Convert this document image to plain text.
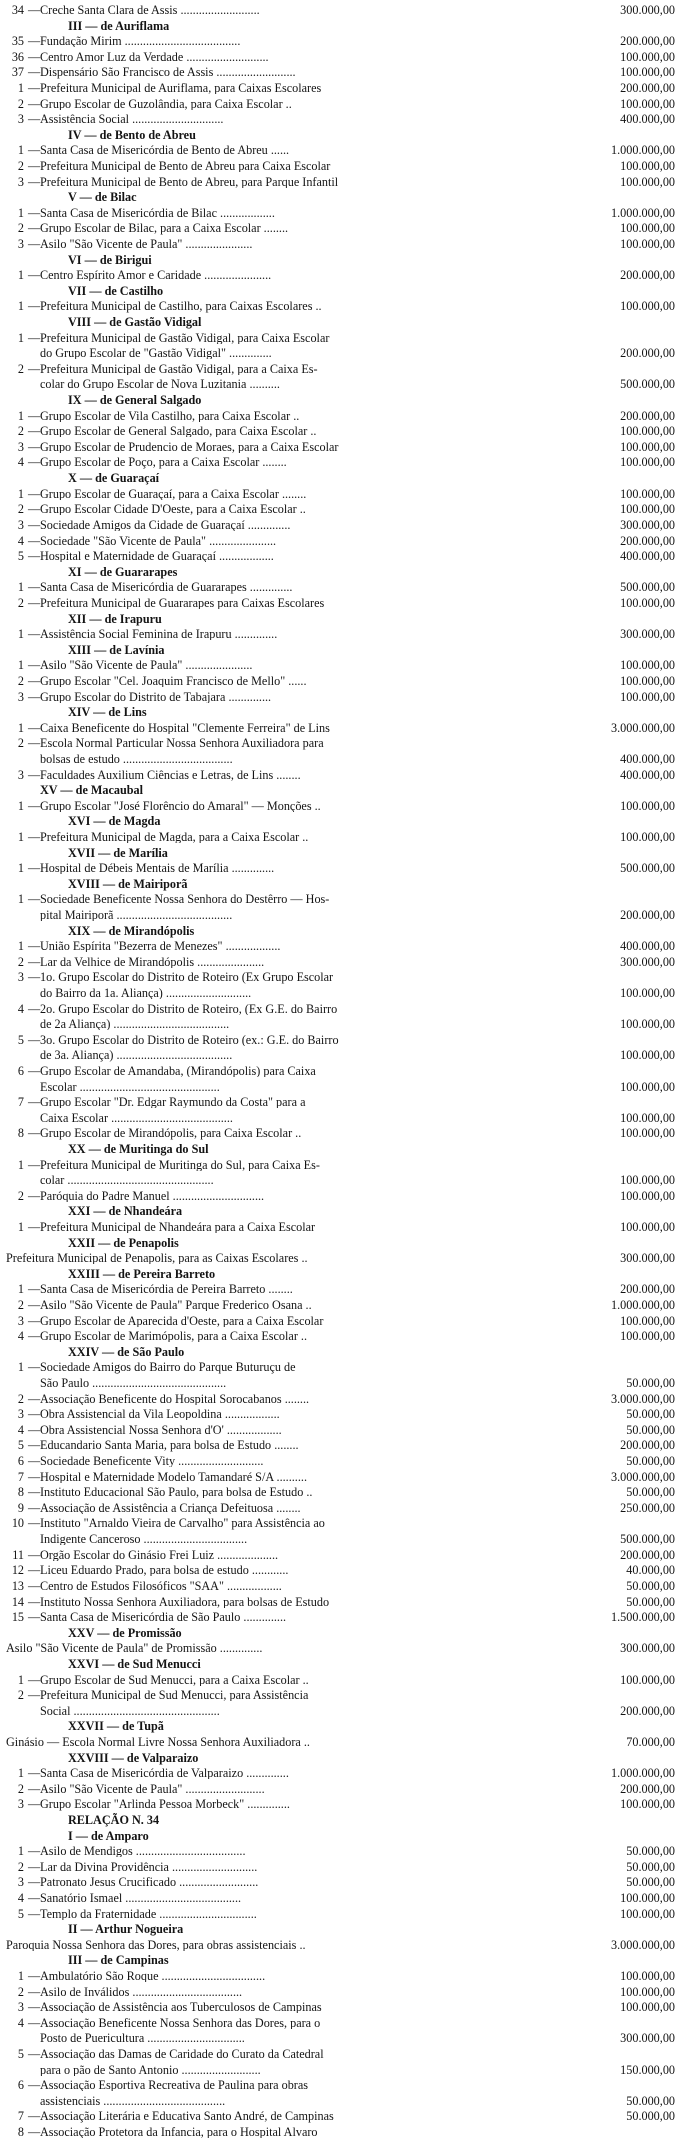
34 — Creche Santa Clara de Assis ..........................	300.000,00
III — de Auriflama
35 — Fundação Mirim ......................................	200.000,00
36 — Centro Amor Luz da Verdade ...........................	100.000,00
37 — Dispensário São Francisco de Assis ..........................	100.000,00
1 — Prefeitura Municipal de Auriflama, para Caixas Escolares	200.000,00
2 — Grupo Escolar de Guzolândia, para Caixa Escolar ..	100.000,00
3 — Assistência Social ..............................	400.000,00
IV — de Bento de Abreu
1 — Santa Casa de Misericórdia de Bento de Abreu ......	1.000.000,00
2 — Prefeitura Municipal de Bento de Abreu para Caixa Escolar	100.000,00
3 — Prefeitura Municipal de Bento de Abreu, para Parque Infantil	100.000,00
V — de Bilac
1 — Santa Casa de Misericórdia de Bilac ..................	1.000.000,00
2 — Grupo Escolar de Bilac, para a Caixa Escolar ........	100.000,00
3 — Asilo "São Vicente de Paula" ......................	100.000,00
VI — de Birigui
1 — Centro Espírito Amor e Caridade ......................	200.000,00
VII — de Castilho
1 — Prefeitura Municipal de Castilho, para Caixas Escolares ..	100.000,00
VIII — de Gastão Vidigal
1 — Prefeitura Municipal de Gastão Vidigal, para Caixa Escolar
do Grupo Escolar de "Gastão Vidigal" ..............	200.000,00
2 — Prefeitura Municipal de Gastão Vidigal, para a Caixa Es-
colar do Grupo Escolar de Nova Luzitania ..........	500.000,00
IX — de General Salgado
1 — Grupo Escolar de Vila Castilho, para Caixa Escolar ..	200.000,00
2 — Grupo Escolar de General Salgado, para Caixa Escolar ..	100.000,00
3 — Grupo Escolar de Prudencio de Moraes, para a Caixa Escolar	100.000,00
4 — Grupo Escolar de Poço, para a Caixa Escolar ........	100.000,00
X — de Guaraçaí
1 — Grupo Escolar de Guaraçaí, para a Caixa Escolar ........	100.000,00
2 — Grupo Escolar Cidade D'Oeste, para a Caixa Escolar ..	100.000,00
3 — Sociedade Amigos da Cidade de Guaraçaí ..............	300.000,00
4 — Sociedade "São Vicente de Paula" ......................	200.000,00
5 — Hospital e Maternidade de Guaraçaí ..................	400.000,00
XI — de Guararapes
1 — Santa Casa de Misericórdia de Guararapes ..............	500.000,00
2 — Prefeitura Municipal de Guararapes para Caixas Escolares	100.000,00
XII — de Irapuru
1 — Assistência Social Feminina de Irapuru ..............	300.000,00
XIII — de Lavínia
1 — Asilo "São Vicente de Paula" ......................	100.000,00
2 — Grupo Escolar "Cel. Joaquim Francisco de Mello" ......	100.000,00
3 — Grupo Escolar do Distrito de Tabajara ..............	100.000,00
XIV — de Lins
1 — Caixa Beneficente do Hospital "Clemente Ferreira" de Lins	3.000.000,00
2 — Escola Normal Particular Nossa Senhora Auxiliadora para
bolsas de estudo ....................................	400.000,00
3 — Faculdades Auxilium Ciências e Letras, de Lins ........	400.000,00
XV — de Macaubal
1 — Grupo Escolar "José Florêncio do Amaral" — Monções ..	100.000,00
XVI — de Magda
1 — Prefeitura Municipal de Magda, para a Caixa Escolar ..	100.000,00
XVII — de Marília
1 — Hospital de Débeis Mentais de Marília ..............	500.000,00
XVIII — de Mairiporã
1 — Sociedade Beneficente Nossa Senhora do Destêrro — Hos-
pital Mairiporã ......................................	200.000,00
XIX — de Mirandópolis
1 — União Espírita "Bezerra de Menezes" ..................	400.000,00
2 — Lar da Velhice de Mirandópolis ......................	300.000,00
3 — 1o. Grupo Escolar do Distrito de Roteiro (Ex Grupo Escolar
do Bairro da 1a. Aliança) ............................	100.000,00
4 — 2o. Grupo Escolar do Distrito de Roteiro, (Ex G.E. do Bairro
de 2a Aliança) ......................................	100.000,00
5 — 3o. Grupo Escolar do Distrito de Roteiro (ex.: G.E. do Bairro
de 3a. Aliança) ......................................	100.000,00
6 — Grupo Escolar de Amandaba, (Mirandópolis) para Caixa
Escolar ..............................................	100.000,00
7 — Grupo Escolar "Dr. Edgar Raymundo da Costa" para a
Caixa Escolar ........................................	100.000,00
8 — Grupo Escolar de Mirandópolis, para Caixa Escolar ..	100.000,00
XX — de Muritinga do Sul
1 — Prefeitura Municipal de Muritinga do Sul, para Caixa Es-
colar ................................................	100.000,00
2 — Paróquia do Padre Manuel ..............................	100.000,00
XXI — de Nhandeára
1 — Prefeitura Municipal de Nhandeára para a Caixa Escolar	100.000,00
XXII — de Penapolis
Prefeitura Municipal de Penapolis, para as Caixas Escolares ..	300.000,00
XXIII — de Pereira Barreto
1 — Santa Casa de Misericórdia de Pereira Barreto ........	200.000,00
2 — Asilo "São Vicente de Paula" Parque Frederico Osana ..	1.000.000,00
3 — Grupo Escolar de Aparecida d'Oeste, para a Caixa Escolar	100.000,00
4 — Grupo Escolar de Marimópolis, para a Caixa Escolar ..	100.000,00
XXIV — de São Paulo
1 — Sociedade Amigos do Bairro do Parque Buturuçu de
São Paulo ............................................	50.000,00
2 — Associação Beneficente do Hospital Sorocabanos ........	3.000.000,00
3 — Obra Assistencial da Vila Leopoldina ..................	50.000,00
4 — Obra Assistencial Nossa Senhora d'O' ..................	50.000,00
5 — Educandario Santa Maria, para bolsa de Estudo ........	200.000,00
6 — Sociedade Beneficente Vity ............................	50.000,00
7 — Hospital e Maternidade Modelo Tamandaré S/A ..........	3.000.000,00
8 — Instituto Educacional São Paulo, para bolsa de Estudo ..	50.000,00
9 — Associação de Assistência a Criança Defeituosa ........	250.000,00
10 — Instituto "Arnaldo Vieira de Carvalho" para Assistência ao
Indigente Canceroso ..................................	500.000,00
11 — Orgão Escolar do Ginásio Frei Luiz ....................	200.000,00
12 — Liceu Eduardo Prado, para bolsa de estudo ............	40.000,00
13 — Centro de Estudos Filosóficos "SAA" ..................	50.000,00
14 — Instituto Nossa Senhora Auxiliadora, para bolsas de Estudo	50.000,00
15 — Santa Casa de Misericórdia de São Paulo ..............	1.500.000,00
XXV — de Promissão
Asilo "São Vicente de Paula" de Promissão ..............	300.000,00
XXVI — de Sud Menucci
1 — Grupo Escolar de Sud Menucci, para a Caixa Escolar ..	100.000,00
2 — Prefeitura Municipal de Sud Menucci, para Assistência
Social ................................................	200.000,00
XXVII — de Tupã
Ginásio — Escola Normal Livre Nossa Senhora Auxiliadora ..	70.000,00
XXVIII — de Valparaizo
1 — Santa Casa de Misericórdia de Valparaizo ..............	1.000.000,00
2 — Asilo "São Vicente de Paula" ..........................	200.000,00
3 — Grupo Escolar "Arlinda Pessoa Morbeck" ..............	100.000,00
RELAÇÃO N. 34
I — de Amparo
1 — Asilo de Mendigos ....................................	50.000,00
2 — Lar da Divina Providência ............................	50.000,00
3 — Patronato Jesus Crucificado ..........................	50.000,00
4 — Sanatório Ismael ......................................	100.000,00
5 — Templo da Fraternidade ................................	100.000,00
II — Arthur Nogueira
Paroquia Nossa Senhora das Dores, para obras assistenciais ..	3.000.000,00
III — de Campinas
1 — Ambulatório São Roque ..................................	100.000,00
2 — Asilo de Inválidos ....................................	100.000,00
3 — Associação de Assistência aos Tuberculosos de Campinas	100.000,00
4 — Associação Beneficente Nossa Senhora das Dores, para o
Posto de Puericultura ................................	300.000,00
5 — Associação das Damas de Caridade do Curato da Catedral
para o pão de Santo Antonio ..........................	150.000,00
6 — Associação Esportiva Recreativa de Paulina para obras
assistenciais ........................................	50.000,00
7 — Associação Literária e Educativa Santo André, de Campinas	50.000,00
8 — Associação Protetora da Infancia, para o Hospital Alvaro
